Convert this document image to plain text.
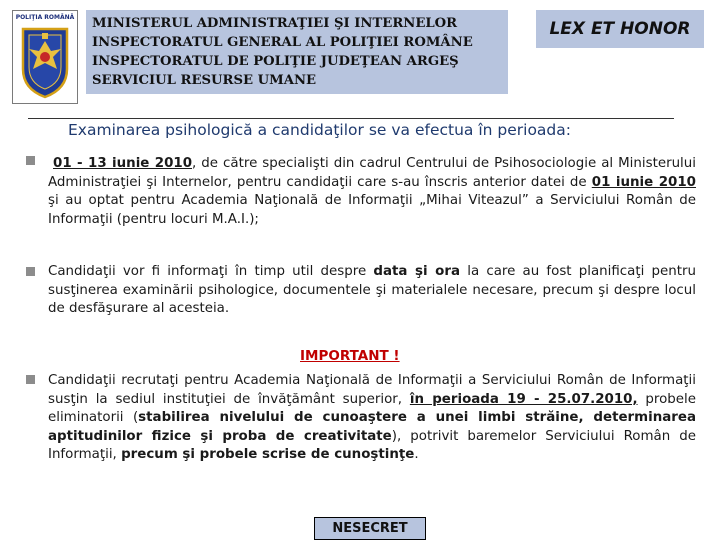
POLIŢIA ROMÂNĂ MINISTERUL ADMINISTRAŢIEI ŞI INTERNELOR
INSPECTORATUL GENERAL AL POLIŢIEI ROMÂNE
INSPECTORATUL DE POLIŢIE JUDEŢEAN ARGEŞ
SERVICIUL RESURSE UMANE
LEX ET HONOR
Examinarea psihologică a candidaţilor se va efectua în perioada:
01 - 13 iunie 2010, de către specialişti din cadrul Centrului de Psihosociologie al Ministerului Administraţiei şi Internelor, pentru candidaţii care s-au înscris anterior datei de 01 iunie 2010 şi au optat pentru Academia Naţională de Informaţii „Mihai Viteazul” a Serviciului Român de Informaţii (pentru locuri M.A.I.);
Candidaţii vor fi informaţi în timp util despre data şi ora la care au fost planificaţi pentru susţinerea examinării psihologice, documentele şi materialele necesare, precum şi despre locul de desfăşurare al acesteia.
IMPORTANT !
Candidaţii recrutaţi pentru Academia Naţională de Informaţii a Serviciului Român de Informaţii susţin la sediul instituţiei de învăţământ superior, în perioada 19 - 25.07.2010, probele eliminatorii (stabilirea nivelului de cunoaştere a unei limbi străine, determinarea aptitudinilor fizice şi proba de creativitate), potrivit baremelor Serviciului Român de Informaţii, precum şi probele scrise de cunoştinţe.
NESECRET
